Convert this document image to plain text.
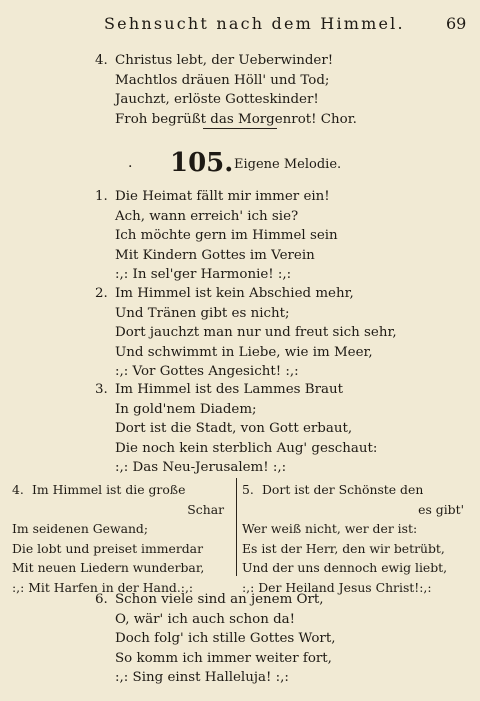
Sehnsucht nach dem Himmel.	69
4. Christus lebt, der Ueberwinder!
Machtlos dräuen Höll' und Tod;
Jauchzt, erlöste Gotteskinder!
Froh begrüßt das Morgenrot! Chor.
. 105. Eigene Melodie.
1. Die Heimat fällt mir immer ein!
Ach, wann erreich' ich sie?
Ich möchte gern im Himmel sein
Mit Kindern Gottes im Verein
:,: In sel'ger Harmonie! :,:
2. Im Himmel ist kein Abschied mehr,
Und Tränen gibt es nicht;
Dort jauchzt man nur und freut sich sehr,
Und schwimmt in Liebe, wie im Meer,
:,: Vor Gottes Angesicht! :,:
3. Im Himmel ist des Lammes Braut
In gold'nem Diadem;
Dort ist die Stadt, von Gott erbaut,
Die noch kein sterblich Aug' geschaut:
:,: Das Neu-Jerusalem! :,:
4. Im Himmel ist die große
Schar
Im seidenen Gewand;
Die lobt und preiset immerdar
Mit neuen Liedern wunderbar,
:,: Mit Harfen in der Hand.:,:
5. Dort ist der Schönste den
es gibt'
Wer weiß nicht, wer der ist:
Es ist der Herr, den wir betrübt,
Und der uns dennoch ewig liebt,
:,: Der Heiland Jesus Christ!:,:
6. Schon viele sind an jenem Ort,
O, wär' ich auch schon da!
Doch folg' ich stille Gottes Wort,
So komm ich immer weiter fort,
:,: Sing einst Halleluja! :,:
